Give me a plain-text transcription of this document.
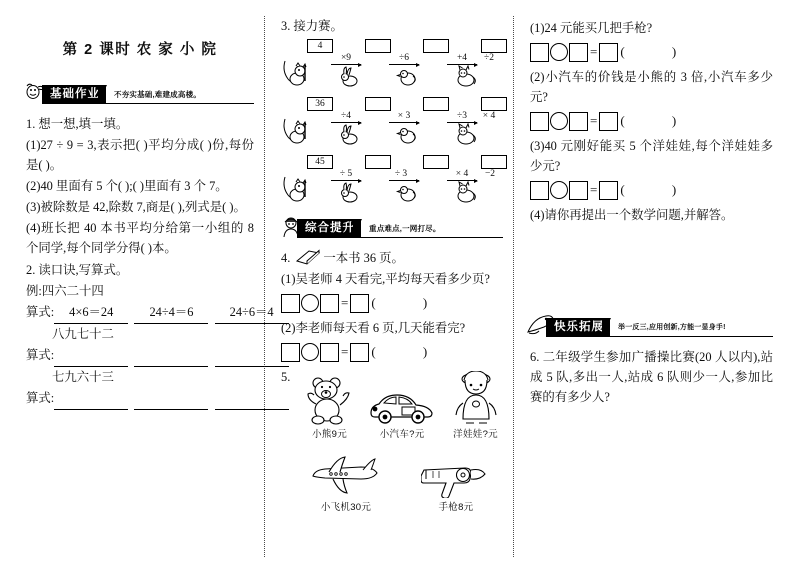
第 2 课时 农 家 小 院
基础作业	不夯实基础,难建成高楼。
1. 想一想,填一填。
(1)27 ÷ 9 = 3,表示把( )平均分成( )份,每份是( )。
(2)40 里面有 5 个( );( )里面有 3 个 7。
(3)被除数是 42,除数 7,商是( ),列式是( )。
(4)班长把 40 本书平均分给第一小组的 8 个同学,每个同学分得( )本。
2. 读口诀,写算式。
例:四六二十四
算式: 4×6＝24	24÷4＝6	24÷6＝4
八九七十二
算式:
七九六十三
算式:
3. 接力赛。
4
×9	÷6	+4	÷2
36
÷4	× 3	÷3	× 4
45
÷ 5	÷ 3	× 4	−2
综合提升	重点难点,一网打尽。
4.	一本书 36 页。
(1)吴老师 4 天看完,平均每天看多少页?
= ( )
(2)李老师每天看 6 页,几天能看完?
= ( )
5.
小熊9元	小汽车?元	洋娃娃?元
小飞机30元	手枪8元
(1)24 元能买几把手枪?
= ( )
(2)小汽车的价钱是小熊的 3 倍,小汽车多少元?
= ( )
(3)40 元刚好能买 5 个洋娃娃,每个洋娃娃多少元?
= ( )
(4)请你再提出一个数学问题,并解答。
快乐拓展	举一反三,应用创新,方能一显身手!
6. 二年级学生参加广播操比赛(20 人以内),站成 5 队,多出一人,站成 6 队则少一人,参加比赛的有多少人?
